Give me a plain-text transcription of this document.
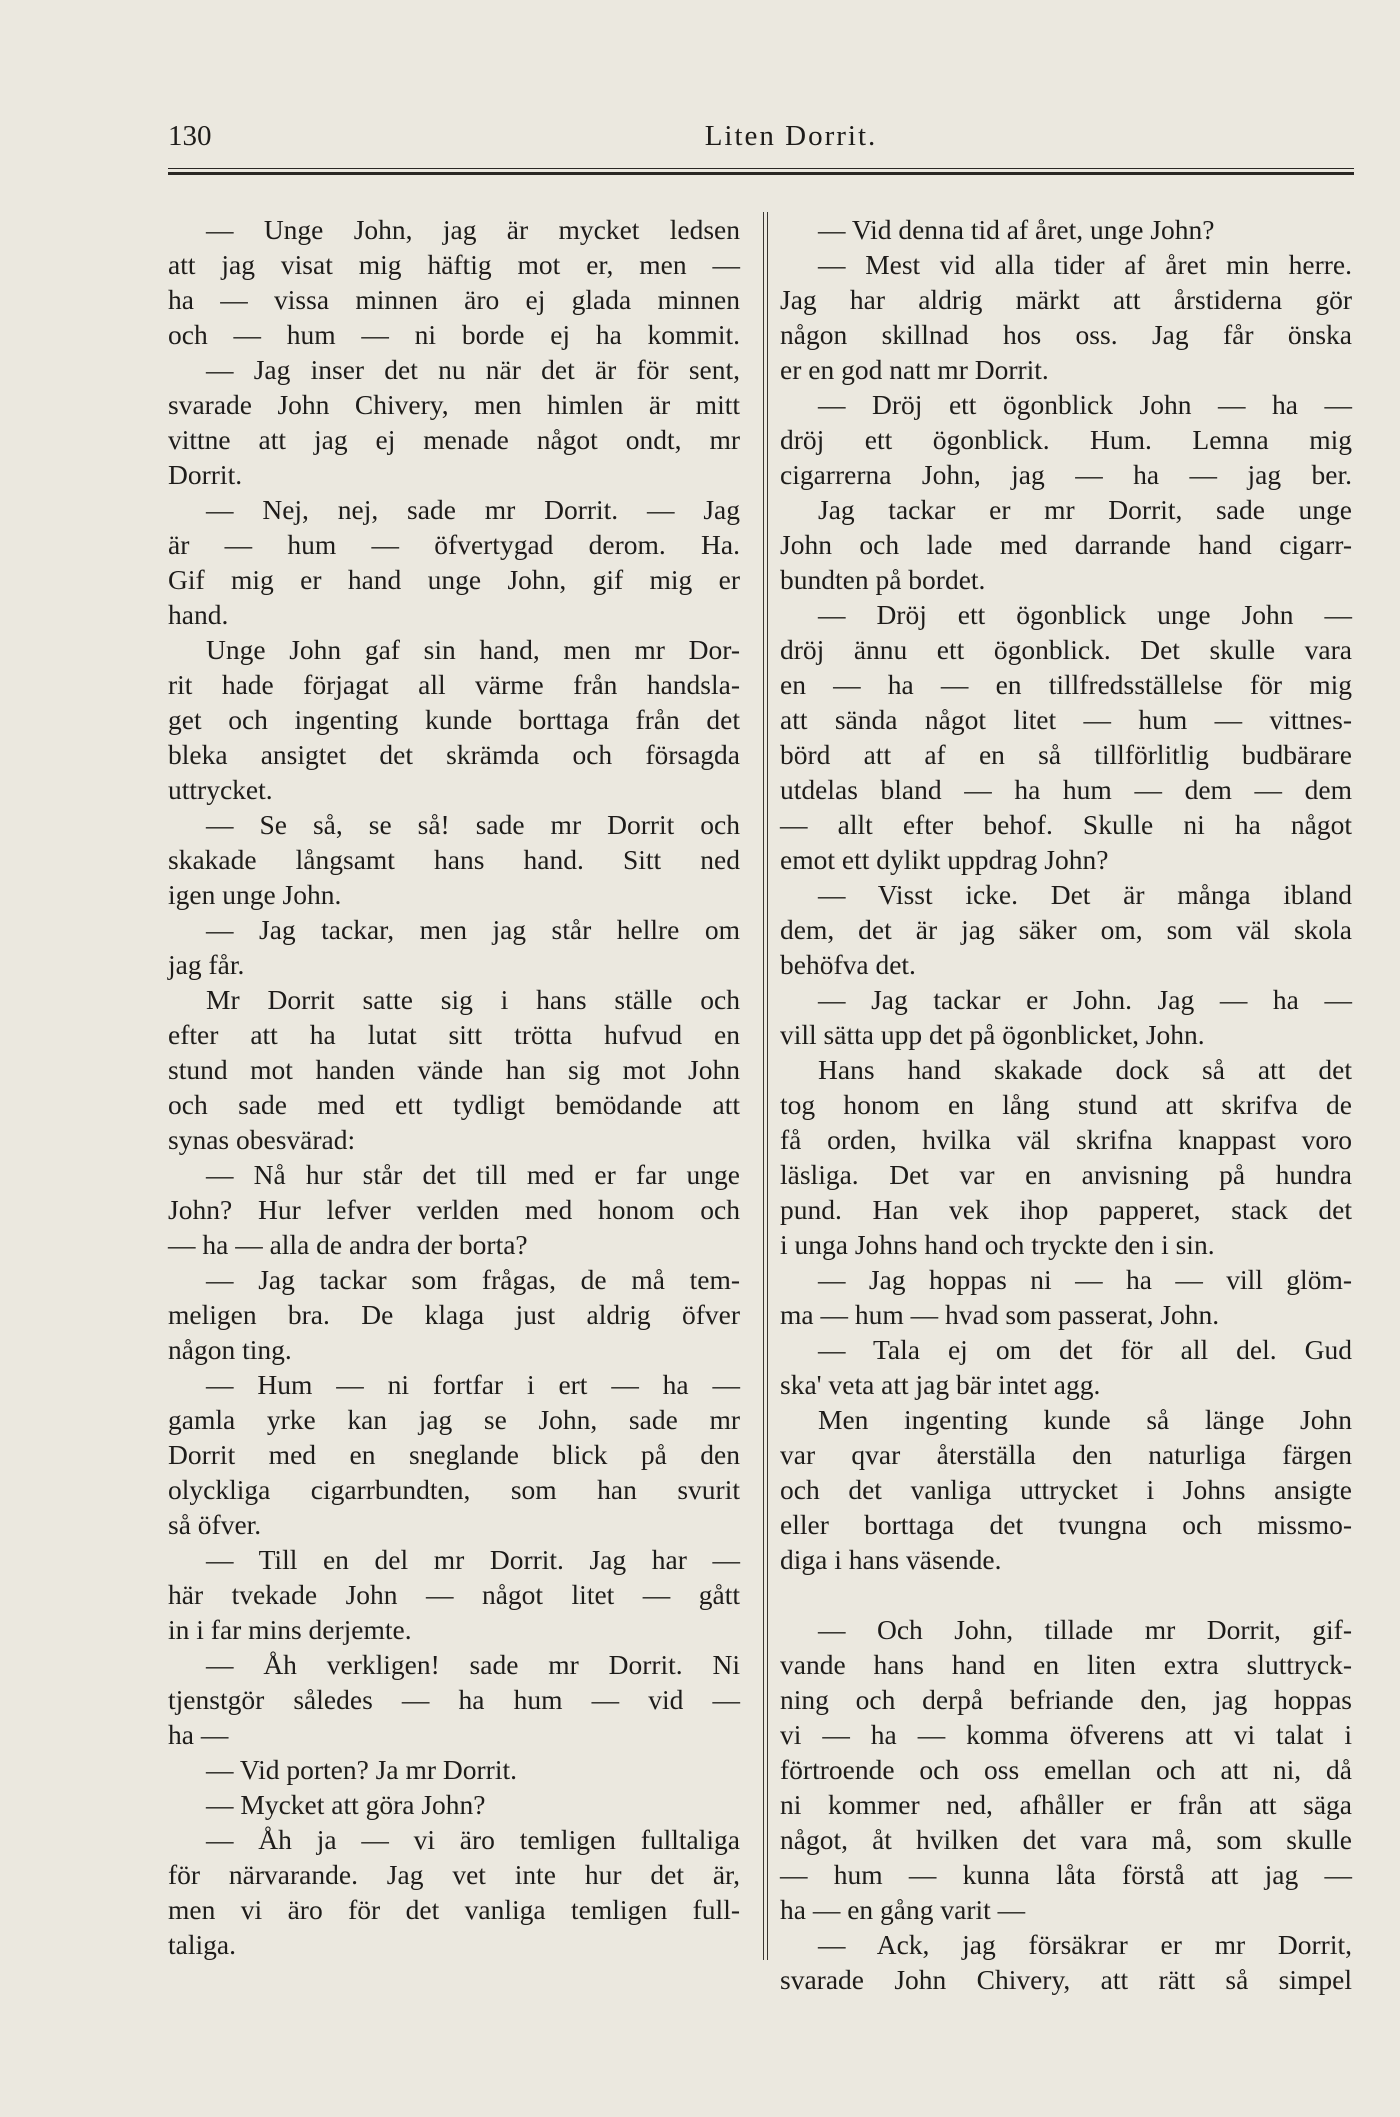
130	Liten Dorrit.
— Unge John, jag är mycket ledsen
att jag visat mig häftig mot er, men —
ha — vissa minnen äro ej glada minnen
och — hum — ni borde ej ha kommit.
— Jag inser det nu när det är för sent,
svarade John Chivery, men himlen är mitt
vittne att jag ej menade något ondt, mr
Dorrit.
— Nej, nej, sade mr Dorrit. — Jag
är — hum — öfvertygad derom. Ha.
Gif mig er hand unge John, gif mig er
hand.
Unge John gaf sin hand, men mr Dor-
rit hade förjagat all värme från handsla-
get och ingenting kunde borttaga från det
bleka ansigtet det skrämda och försagda
uttrycket.
— Se så, se så! sade mr Dorrit och
skakade långsamt hans hand. Sitt ned
igen unge John.
— Jag tackar, men jag står hellre om
jag får.
Mr Dorrit satte sig i hans ställe och
efter att ha lutat sitt trötta hufvud en
stund mot handen vände han sig mot John
och sade med ett tydligt bemödande att
synas obesvärad:
— Nå hur står det till med er far unge
John? Hur lefver verlden med honom och
— ha — alla de andra der borta?
— Jag tackar som frågas, de må tem-
meligen bra. De klaga just aldrig öfver
någon ting.
— Hum — ni fortfar i ert — ha —
gamla yrke kan jag se John, sade mr
Dorrit med en sneglande blick på den
olyckliga cigarrbundten, som han svurit
så öfver.
— Till en del mr Dorrit. Jag har —
här tvekade John — något litet — gått
in i far mins derjemte.
— Åh verkligen! sade mr Dorrit. Ni
tjenstgör således — ha hum — vid —
ha —
— Vid porten? Ja mr Dorrit.
— Mycket att göra John?
— Åh ja — vi äro temligen fulltaliga
för närvarande. Jag vet inte hur det är,
men vi äro för det vanliga temligen full-
taliga.
— Vid denna tid af året, unge John?
— Mest vid alla tider af året min herre.
Jag har aldrig märkt att årstiderna gör
någon skillnad hos oss. Jag får önska
er en god natt mr Dorrit.
— Dröj ett ögonblick John — ha —
dröj ett ögonblick. Hum. Lemna mig
cigarrerna John, jag — ha — jag ber.
Jag tackar er mr Dorrit, sade unge
John och lade med darrande hand cigarr-
bundten på bordet.
— Dröj ett ögonblick unge John —
dröj ännu ett ögonblick. Det skulle vara
en — ha — en tillfredsställelse för mig
att sända något litet — hum — vittnes-
börd att af en så tillförlitlig budbärare
utdelas bland — ha hum — dem — dem
— allt efter behof. Skulle ni ha något
emot ett dylikt uppdrag John?
— Visst icke. Det är många ibland
dem, det är jag säker om, som väl skola
behöfva det.
— Jag tackar er John. Jag — ha —
vill sätta upp det på ögonblicket, John.
Hans hand skakade dock så att det
tog honom en lång stund att skrifva de
få orden, hvilka väl skrifna knappast voro
läsliga. Det var en anvisning på hundra
pund. Han vek ihop papperet, stack det
i unga Johns hand och tryckte den i sin.
— Jag hoppas ni — ha — vill glöm-
ma — hum — hvad som passerat, John.
— Tala ej om det för all del. Gud
ska' veta att jag bär intet agg.
Men ingenting kunde så länge John
var qvar återställa den naturliga färgen
och det vanliga uttrycket i Johns ansigte
eller borttaga det tvungna och missmo-
diga i hans väsende.
— Och John, tillade mr Dorrit, gif-
vande hans hand en liten extra sluttryck-
ning och derpå befriande den, jag hoppas
vi — ha — komma öfverens att vi talat i
förtroende och oss emellan och att ni, då
ni kommer ned, afhåller er från att säga
något, åt hvilken det vara må, som skulle
— hum — kunna låta förstå att jag —
ha — en gång varit —
— Ack, jag försäkrar er mr Dorrit,
svarade John Chivery, att rätt så simpel
